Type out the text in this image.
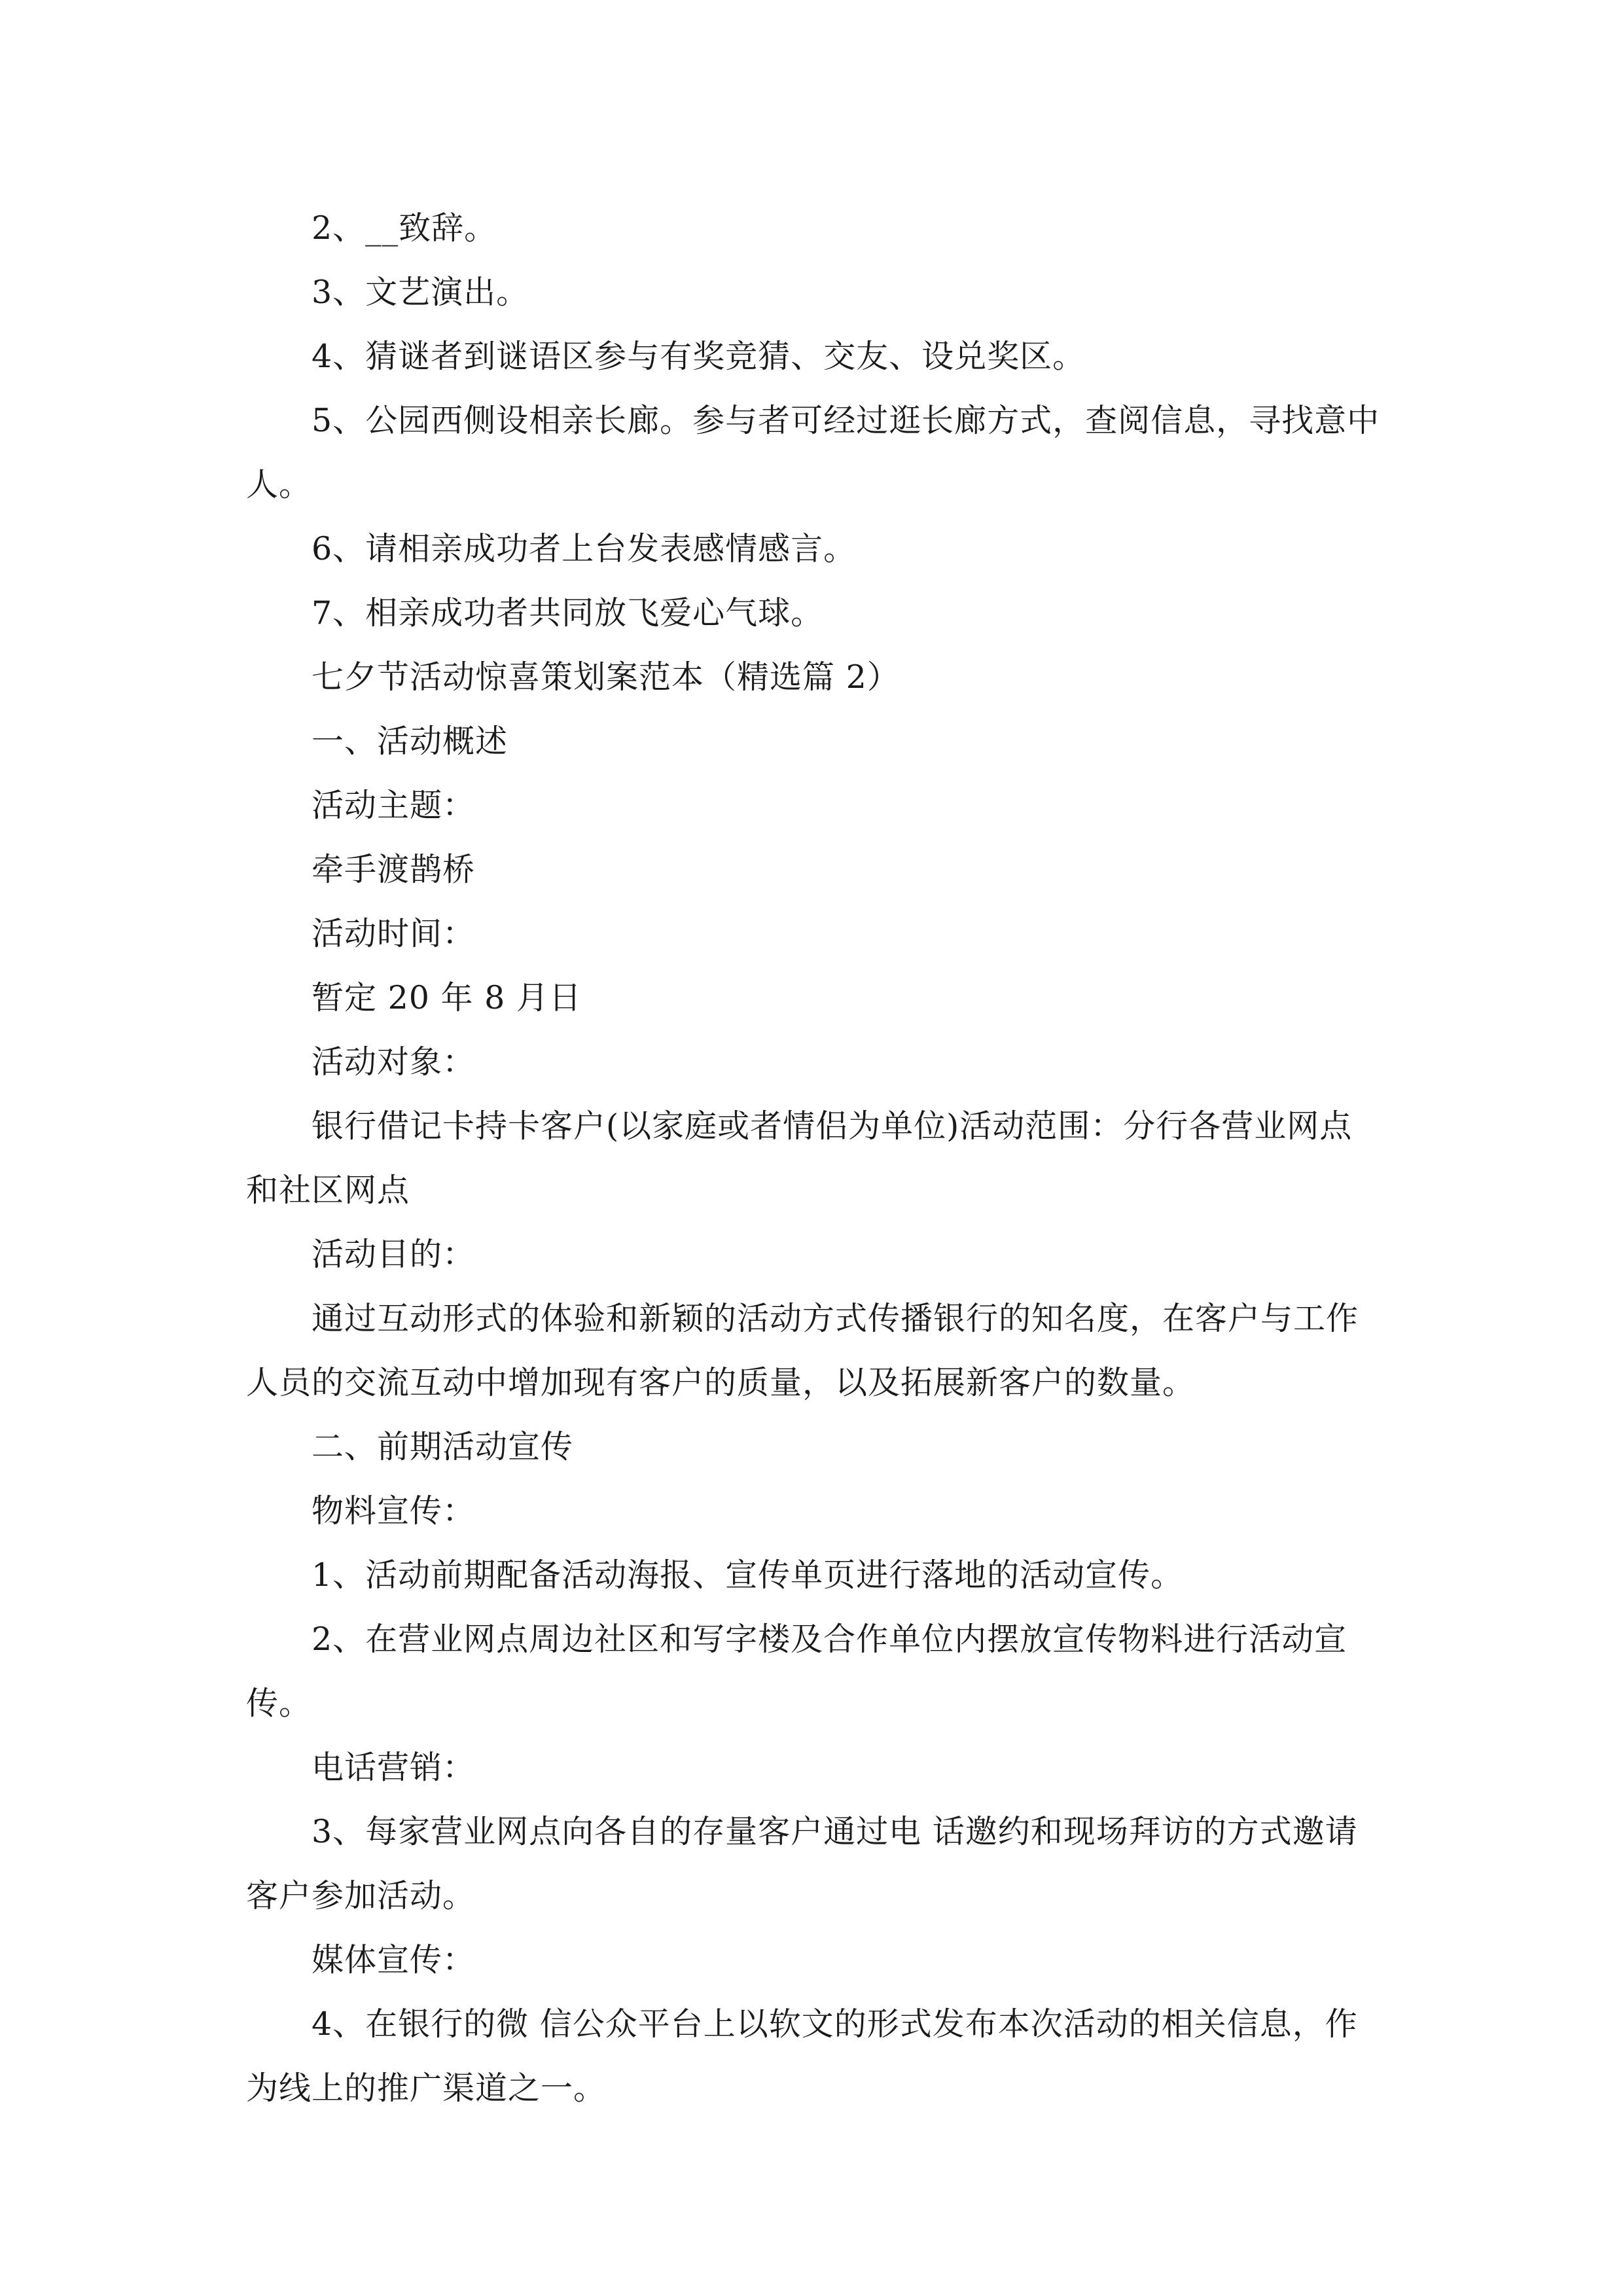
2、__致辞。

3、文艺演出。

4、猜谜者到谜语区参与有奖竞猜、交友、设兑奖区。

5、公园西侧设相亲长廊。参与者可经过逛长廊方式，查阅信息，寻找意中人。

6、请相亲成功者上台发表感情感言。

7、相亲成功者共同放飞爱心气球。

七夕节活动惊喜策划案范本（精选篇 2）

一、活动概述

活动主题：

牵手渡鹊桥

活动时间：

暂定 20 年 8 月日

活动对象：

银行借记卡持卡客户(以家庭或者情侣为单位)活动范围：分行各营业网点和社区网点

活动目的：

通过互动形式的体验和新颖的活动方式传播银行的知名度，在客户与工作人员的交流互动中增加现有客户的质量，以及拓展新客户的数量。

二、前期活动宣传

物料宣传：

1、活动前期配备活动海报、宣传单页进行落地的活动宣传。

2、在营业网点周边社区和写字楼及合作单位内摆放宣传物料进行活动宣传。

电话营销：

3、每家营业网点向各自的存量客户通过电 话邀约和现场拜访的方式邀请客户参加活动。

媒体宣传：

4、在银行的微 信公众平台上以软文的形式发布本次活动的相关信息，作为线上的推广渠道之一。
